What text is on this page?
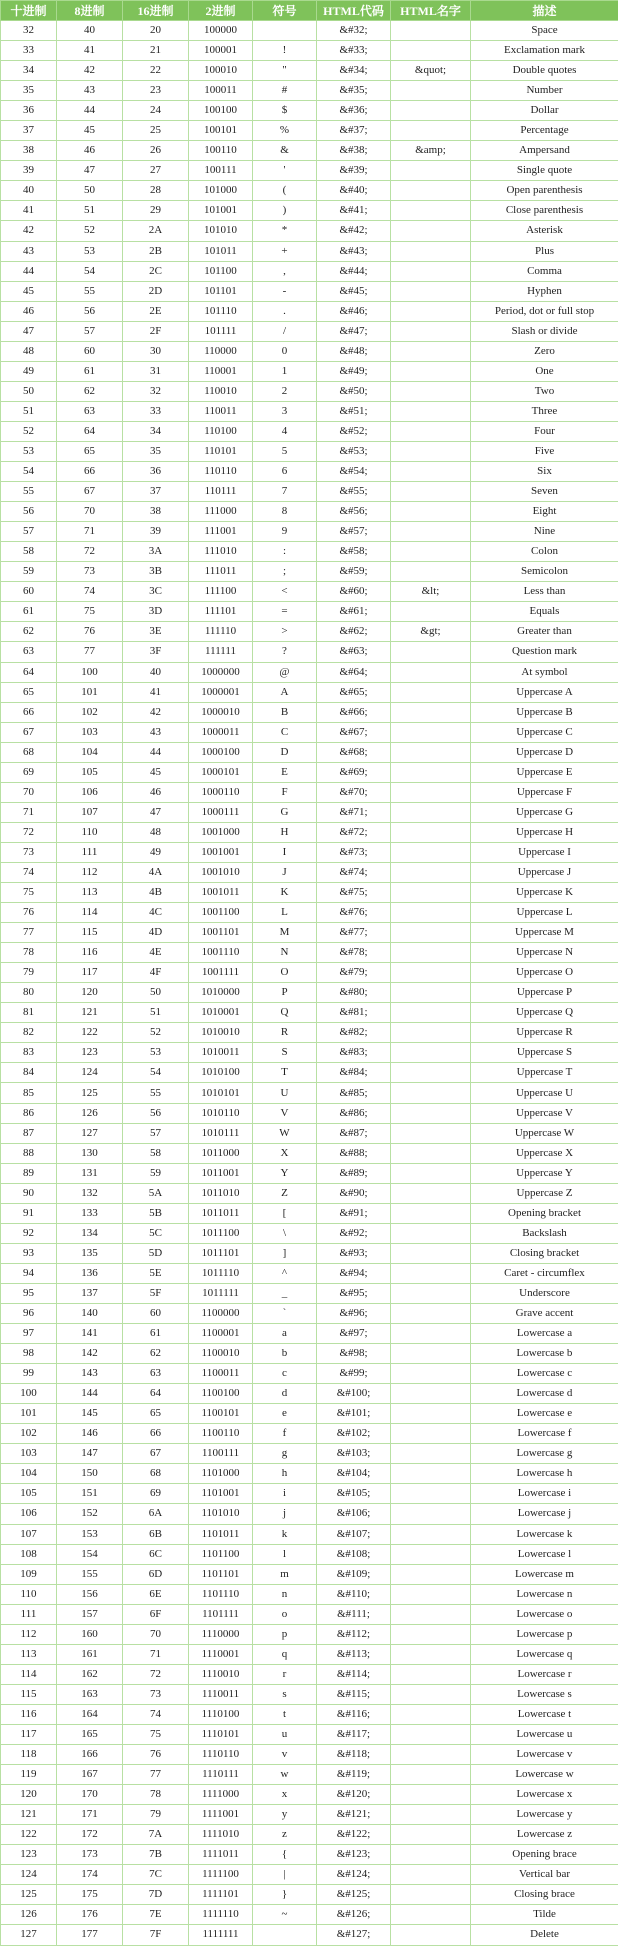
十进制	8进制	16进制	2进制	符号	HTML代码	HTML名字	描述
32	40	20	100000		&#32;		Space
33	41	21	100001	!	&#33;		Exclamation mark
34	42	22	100010	"	&#34;	&quot;	Double quotes
35	43	23	100011	#	&#35;		Number
36	44	24	100100	$	&#36;		Dollar
37	45	25	100101	%	&#37;		Percentage
38	46	26	100110	&	&#38;	&amp;	Ampersand
39	47	27	100111	'	&#39;		Single quote
40	50	28	101000	(	&#40;		Open parenthesis
41	51	29	101001	)	&#41;		Close parenthesis
42	52	2A	101010	*	&#42;		Asterisk
43	53	2B	101011	+	&#43;		Plus
44	54	2C	101100	,	&#44;		Comma
45	55	2D	101101	-	&#45;		Hyphen
46	56	2E	101110	.	&#46;		Period, dot or full stop
47	57	2F	101111	/	&#47;		Slash or divide
48	60	30	110000	0	&#48;		Zero
49	61	31	110001	1	&#49;		One
50	62	32	110010	2	&#50;		Two
51	63	33	110011	3	&#51;		Three
52	64	34	110100	4	&#52;		Four
53	65	35	110101	5	&#53;		Five
54	66	36	110110	6	&#54;		Six
55	67	37	110111	7	&#55;		Seven
56	70	38	111000	8	&#56;		Eight
57	71	39	111001	9	&#57;		Nine
58	72	3A	111010	:	&#58;		Colon
59	73	3B	111011	;	&#59;		Semicolon
60	74	3C	111100	<	&#60;	&lt;	Less than
61	75	3D	111101	=	&#61;		Equals
62	76	3E	111110	>	&#62;	&gt;	Greater than
63	77	3F	111111	?	&#63;		Question mark
64	100	40	1000000	@	&#64;		At symbol
65	101	41	1000001	A	&#65;		Uppercase A
66	102	42	1000010	B	&#66;		Uppercase B
67	103	43	1000011	C	&#67;		Uppercase C
68	104	44	1000100	D	&#68;		Uppercase D
69	105	45	1000101	E	&#69;		Uppercase E
70	106	46	1000110	F	&#70;		Uppercase F
71	107	47	1000111	G	&#71;		Uppercase G
72	110	48	1001000	H	&#72;		Uppercase H
73	111	49	1001001	I	&#73;		Uppercase I
74	112	4A	1001010	J	&#74;		Uppercase J
75	113	4B	1001011	K	&#75;		Uppercase K
76	114	4C	1001100	L	&#76;		Uppercase L
77	115	4D	1001101	M	&#77;		Uppercase M
78	116	4E	1001110	N	&#78;		Uppercase N
79	117	4F	1001111	O	&#79;		Uppercase O
80	120	50	1010000	P	&#80;		Uppercase P
81	121	51	1010001	Q	&#81;		Uppercase Q
82	122	52	1010010	R	&#82;		Uppercase R
83	123	53	1010011	S	&#83;		Uppercase S
84	124	54	1010100	T	&#84;		Uppercase T
85	125	55	1010101	U	&#85;		Uppercase U
86	126	56	1010110	V	&#86;		Uppercase V
87	127	57	1010111	W	&#87;		Uppercase W
88	130	58	1011000	X	&#88;		Uppercase X
89	131	59	1011001	Y	&#89;		Uppercase Y
90	132	5A	1011010	Z	&#90;		Uppercase Z
91	133	5B	1011011	[	&#91;		Opening bracket
92	134	5C	1011100	\	&#92;		Backslash
93	135	5D	1011101	]	&#93;		Closing bracket
94	136	5E	1011110	^	&#94;		Caret - circumflex
95	137	5F	1011111	_	&#95;		Underscore
96	140	60	1100000	`	&#96;		Grave accent
97	141	61	1100001	a	&#97;		Lowercase a
98	142	62	1100010	b	&#98;		Lowercase b
99	143	63	1100011	c	&#99;		Lowercase c
100	144	64	1100100	d	&#100;		Lowercase d
101	145	65	1100101	e	&#101;		Lowercase e
102	146	66	1100110	f	&#102;		Lowercase f
103	147	67	1100111	g	&#103;		Lowercase g
104	150	68	1101000	h	&#104;		Lowercase h
105	151	69	1101001	i	&#105;		Lowercase i
106	152	6A	1101010	j	&#106;		Lowercase j
107	153	6B	1101011	k	&#107;		Lowercase k
108	154	6C	1101100	l	&#108;		Lowercase l
109	155	6D	1101101	m	&#109;		Lowercase m
110	156	6E	1101110	n	&#110;		Lowercase n
111	157	6F	1101111	o	&#111;		Lowercase o
112	160	70	1110000	p	&#112;		Lowercase p
113	161	71	1110001	q	&#113;		Lowercase q
114	162	72	1110010	r	&#114;		Lowercase r
115	163	73	1110011	s	&#115;		Lowercase s
116	164	74	1110100	t	&#116;		Lowercase t
117	165	75	1110101	u	&#117;		Lowercase u
118	166	76	1110110	v	&#118;		Lowercase v
119	167	77	1110111	w	&#119;		Lowercase w
120	170	78	1111000	x	&#120;		Lowercase x
121	171	79	1111001	y	&#121;		Lowercase y
122	172	7A	1111010	z	&#122;		Lowercase z
123	173	7B	1111011	{	&#123;		Opening brace
124	174	7C	1111100	|	&#124;		Vertical bar
125	175	7D	1111101	}	&#125;		Closing brace
126	176	7E	1111110	~	&#126;		Tilde
127	177	7F	1111111		&#127;		Delete
